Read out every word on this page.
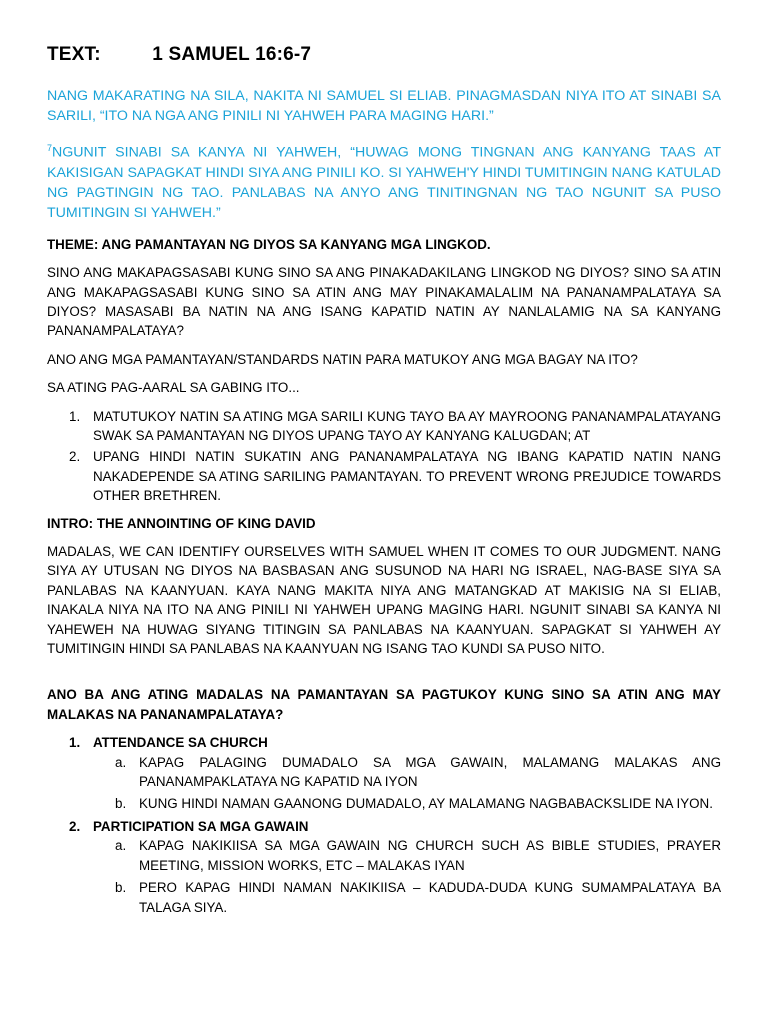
TEXT:	1 SAMUEL 16:6-7

NANG MAKARATING NA SILA, NAKITA NI SAMUEL SI ELIAB. PINAGMASDAN NIYA ITO AT SINABI SA SARILI, “ITO NA NGA ANG PINILI NI YAHWEH PARA MAGING HARI.”

$^7$NGUNIT SINABI SA KANYA NI YAHWEH, “HUWAG MONG TINGNAN ANG KANYANG TAAS AT KAKISIGAN SAPAGKAT HINDI SIYA ANG PINILI KO. SI YAHWEH'Y HINDI TUMITINGIN NANG KATULAD NG PAGTINGIN NG TAO. PANLABAS NA ANYO ANG TINITINGNAN NG TAO NGUNIT SA PUSO TUMITINGIN SI YAHWEH.”

THEME: ANG PAMANTAYAN NG DIYOS SA KANYANG MGA LINGKOD.

SINO ANG MAKAPAGSASABI KUNG SINO SA ANG PINAKADAKILANG LINGKOD NG DIYOS? SINO SA ATIN ANG MAKAPAGSASABI KUNG SINO SA ATIN ANG MAY PINAKAMALALIM NA PANANAMPALATAYA SA DIYOS? MASASABI BA NATIN NA ANG ISANG KAPATID NATIN AY NANLALAMIG NA SA KANYANG PANANAMPALATAYA?

ANO ANG MGA PAMANTAYAN/STANDARDS NATIN PARA MATUKOY ANG MGA BAGAY NA ITO?

SA ATING PAG-AARAL SA GABING ITO...

1. MATUTUKOY NATIN SA ATING MGA SARILI KUNG TAYO BA AY MAYROONG PANANAMPALATAYANG SWAK SA PAMANTAYAN NG DIYOS UPANG TAYO AY KANYANG KALUGDAN; AT
2. UPANG HINDI NATIN SUKATIN ANG PANANAMPALATAYA NG IBANG KAPATID NATIN NANG NAKADEPENDE SA ATING SARILING PAMANTAYAN. TO PREVENT WRONG PREJUDICE TOWARDS OTHER BRETHREN.

INTRO: THE ANNOINTING OF KING DAVID

MADALAS, WE CAN IDENTIFY OURSELVES WITH SAMUEL WHEN IT COMES TO OUR JUDGMENT. NANG SIYA AY UTUSAN NG DIYOS NA BASBASAN ANG SUSUNOD NA HARI NG ISRAEL, NAG-BASE SIYA SA PANLABAS NA KAANYUAN. KAYA NANG MAKITA NIYA ANG MATANGKAD AT MAKISIG NA SI ELIAB, INAKALA NIYA NA ITO NA ANG PINILI NI YAHWEH UPANG MAGING HARI. NGUNIT SINABI SA KANYA NI YAHEWEH NA HUWAG SIYANG TITINGIN SA PANLABAS NA KAANYUAN. SAPAGKAT SI YAHWEH AY TUMITINGIN HINDI SA PANLABAS NA KAANYUAN NG ISANG TAO KUNDI SA PUSO NITO.

ANO BA ANG ATING MADALAS NA PAMANTAYAN SA PAGTUKOY KUNG SINO SA ATIN ANG MAY MALAKAS NA PANANAMPALATAYA?

1. ATTENDANCE SA CHURCH
a. KAPAG PALAGING DUMADALO SA MGA GAWAIN, MALAMANG MALAKAS ANG PANANAMPAKLATAYA NG KAPATID NA IYON
b. KUNG HINDI NAMAN GAANONG DUMADALO, AY MALAMANG NAGBABACKSLIDE NA IYON.
2. PARTICIPATION SA MGA GAWAIN
a. KAPAG NAKIKIISA SA MGA GAWAIN NG CHURCH SUCH AS BIBLE STUDIES, PRAYER MEETING, MISSION WORKS, ETC – MALAKAS IYAN
b. PERO KAPAG HINDI NAMAN NAKIKIISA – KADUDA-DUDA KUNG SUMAMPALATAYA BA TALAGA SIYA.
